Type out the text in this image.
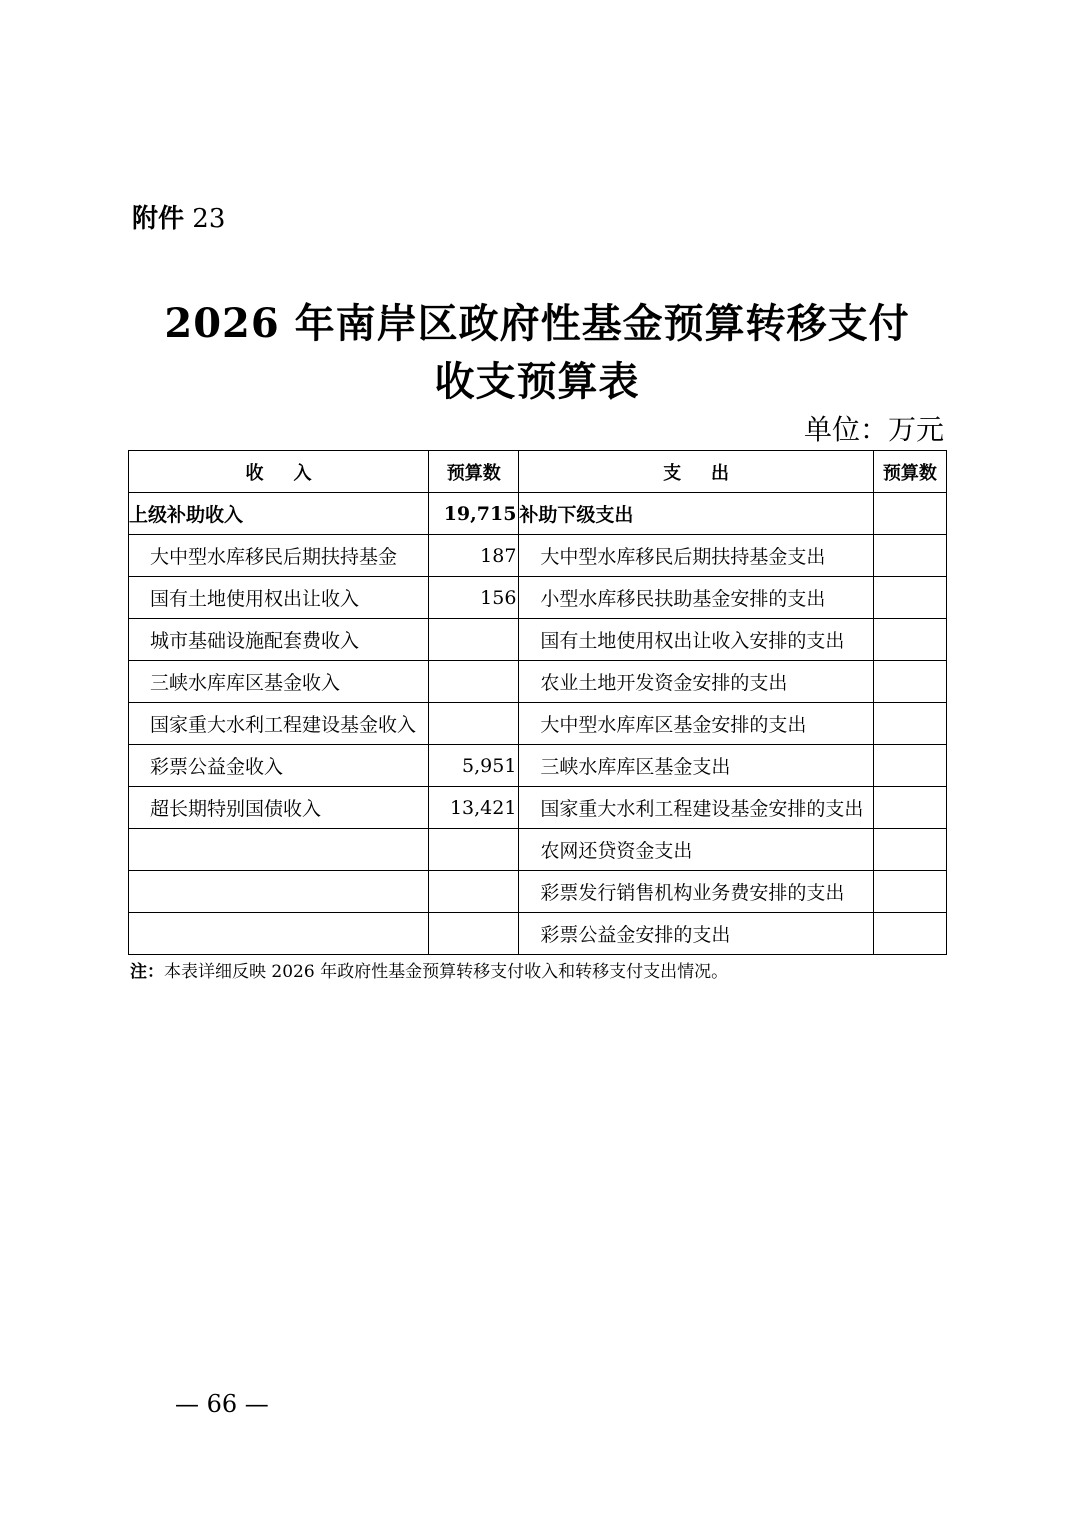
附件 23
2026 年南岸区政府性基金预算转移支付
收支预算表
单位：万元
收入	预算数	支出	预算数
上级补助收入	19,715	补助下级支出	
大中型水库移民后期扶持基金	187	大中型水库移民后期扶持基金支出	
国有土地使用权出让收入	156	小型水库移民扶助基金安排的支出	
城市基础设施配套费收入		国有土地使用权出让收入安排的支出	
三峡水库库区基金收入		农业土地开发资金安排的支出	
国家重大水利工程建设基金收入		大中型水库库区基金安排的支出	
彩票公益金收入	5,951	三峡水库库区基金支出	
超长期特别国债收入	13,421	国家重大水利工程建设基金安排的支出	
		农网还贷资金支出	
		彩票发行销售机构业务费安排的支出	
		彩票公益金安排的支出	
注：本表详细反映 2026 年政府性基金预算转移支付收入和转移支付支出情况。
— 66 —
